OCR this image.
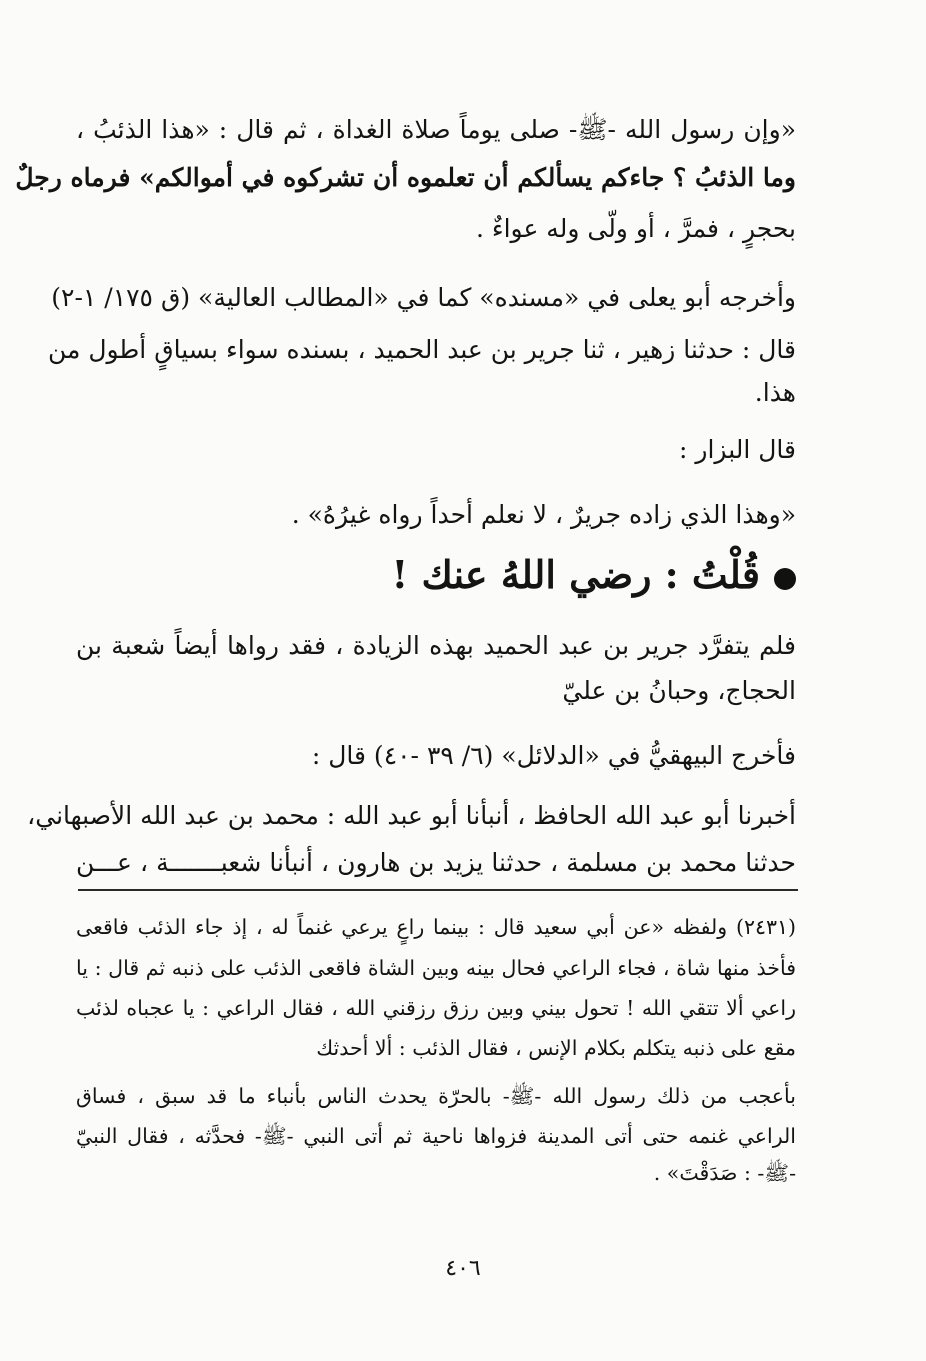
«وإن رسول الله -ﷺ- صلى يوماً صلاة الغداة ، ثم قال : «هذا الذئبُ ،
وما الذئبُ ؟ جاءكم يسألكم أن تعلموه أن تشركوه في أموالكم» فرماه رجلٌ
بحجرٍ ، فمرَّ ، أو ولّى وله عواءٌ .
وأخرجه أبو يعلى في «مسنده» كما في «المطالب العالية» (ق ١٧٥/ ١-٢)
قال : حدثنا زهير ، ثنا جرير بن عبد الحميد ، بسنده سواء بسياقٍ أطول من
هذا.
قال البزار :
«وهذا الذي زاده جريرٌ ، لا نعلم أحداً رواه غيرُهُ» .
قُلْتُ : رضي اللهُ عنك !
فلم يتفرَّد جرير بن عبد الحميد بهذه الزيادة ، فقد رواها أيضاً شعبة بن
الحجاج، وحبانُ بن عليّ
فأخرج البيهقيُّ في «الدلائل» (٦/ ٣٩ -٤٠) قال :
أخبرنا أبو عبد الله الحافظ ، أنبأنا أبو عبد الله : محمد بن عبد الله الأصبهاني،
حدثنا محمد بن مسلمة ، حدثنا يزيد بن هارون ، أنبأنا شعبـــــــة ، عـــن
(٢٤٣١) ولفظه «عن أبي سعيد قال : بينما راعٍ يرعي غنماً له ، إذ جاء الذئب فاقعى
فأخذ منها شاة ، فجاء الراعي فحال بينه وبين الشاة فاقعى الذئب على ذنبه ثم قال : يا
راعي ألا تتقي الله ! تحول بيني وبين رزق رزقني الله ، فقال الراعي : يا عجباه لذئب
مقع على ذنبه يتكلم بكلام الإنس ، فقال الذئب : ألا أحدثك
بأعجب من ذلك رسول الله -ﷺ- بالحرّة يحدث الناس بأنباء ما قد سبق ، فساق
الراعي غنمه حتى أتى المدينة فزواها ناحية ثم أتى النبي -ﷺ- فحدَّثه ، فقال النبيّ
-ﷺ- : صَدَقْتَ» .
٤٠٦
